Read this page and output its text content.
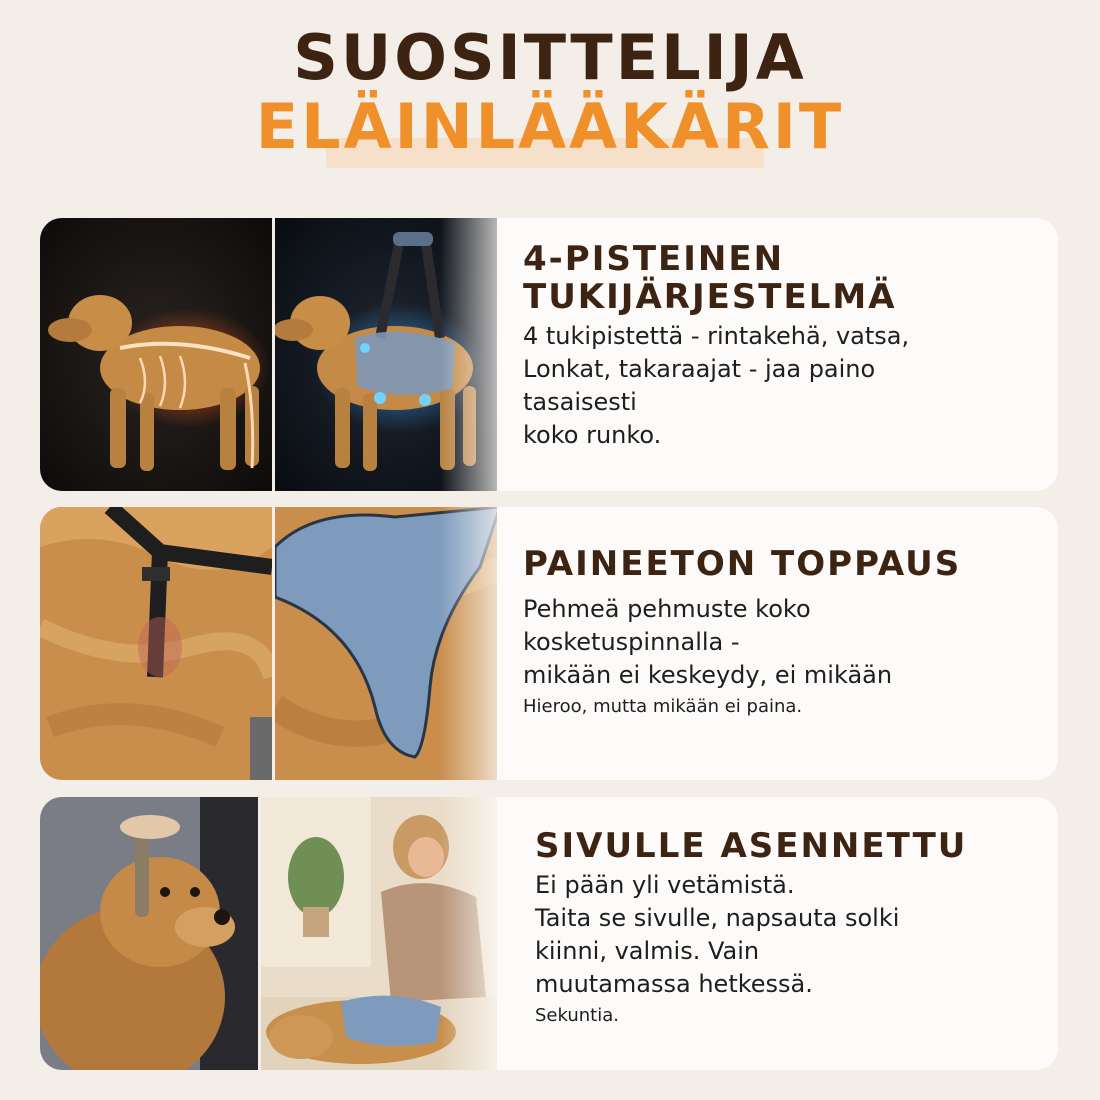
SUOSITTELIJA
ELÄINLÄÄKÄRIT
4-PISTEINEN
TUKIJÄRJESTELMÄ
4 tukipistettä - rintakehä, vatsa,
Lonkat, takaraajat - jaa paino
tasaisesti
koko runko.
PAINEETON TOPPAUS
Pehmeä pehmuste koko
kosketuspinnalla -
mikään ei keskeydy, ei mikään
Hieroo, mutta mikään ei paina.
SIVULLE ASENNETTU
Ei pään yli vetämistä.
Taita se sivulle, napsauta solki
kiinni, valmis. Vain
muutamassa hetkessä.
Sekuntia.
